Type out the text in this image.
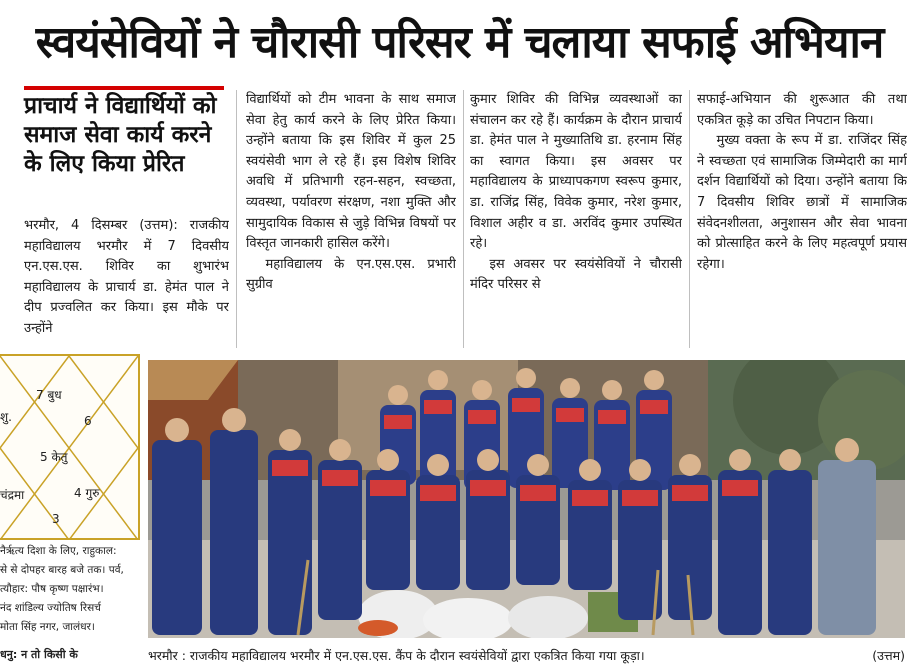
स्वयंसेवियों ने चौरासी परिसर में चलाया सफाई अभियान
प्राचार्य ने विद्यार्थियों को समाज सेवा कार्य करने के लिए किया प्रेरित

भरमौर, 4 दिसम्बर (उत्तम): राजकीय महाविद्यालय भरमौर में 7 दिवसीय एन.एस.एस. शिविर का शुभारंभ महाविद्यालय के प्राचार्य डा. हेमंत पाल ने दीप प्रज्वलित कर किया। इस मौके पर उन्होंने

विद्यार्थियों को टीम भावना के साथ समाज सेवा हेतु कार्य करने के लिए प्रेरित किया। उन्होंने बताया कि इस शिविर में कुल 25 स्वयंसेवी भाग ले रहे हैं। इस विशेष शिविर अवधि में प्रतिभागी रहन-सहन, स्वच्छता, व्यवस्था, पर्यावरण संरक्षण, नशा मुक्ति और सामुदायिक विकास से जुड़े विभिन्न विषयों पर विस्तृत जानकारी हासिल करेंगे।

महाविद्यालय के एन.एस.एस. प्रभारी सुग्रीव

कुमार शिविर की विभिन्न व्यवस्थाओं का संचालन कर रहे हैं। कार्यक्रम के दौरान प्राचार्य डा. हेमंत पाल ने मुख्यातिथि डा. हरनाम सिंह का स्वागत किया। इस अवसर पर महाविद्यालय के प्राध्यापकगण स्वरूप कुमार, डा. राजिंद्र सिंह, विवेक कुमार, नरेश कुमार, विशाल अहीर व डा. अरविंद कुमार उपस्थित रहे।

इस अवसर पर स्वयंसेवियों ने चौरासी मंदिर परिसर से

सफाई-अभियान की शुरूआत की तथा एकत्रित कूड़े का उचित निपटान किया।

मुख्य वक्ता के रूप में डा. राजिंदर सिंह ने स्वच्छता एवं सामाजिक जिम्मेदारी का मार्ग दर्शन विद्यार्थियों को दिया। उन्होंने बताया कि 7 दिवसीय शिविर छात्रों में सामाजिक संवेदनशीलता, अनुशासन और सेवा भावना को प्रोत्साहित करने के लिए महत्वपूर्ण प्रयास रहेगा।

7 बुध
6
5 केतु
4 गुरु
3
शु.
चंद्रमा
नैर्ऋत्य दिशा के लिए, राहुकाल:
से से दोपहर बारह बजे तक। पर्व,
त्यौहार: पौष कृष्ण पक्षारंभ।
नंद शांडिल्य ज्योतिष रिसर्च
मोता सिंह नगर, जालंधर।
धनु: न तो किसी के	भरमौर : राजकीय महाविद्यालय भरमौर में एन.एस.एस. कैंप के दौरान स्वयंसेवियों द्वारा एकत्रित किया गया कूड़ा।	(उत्तम)
